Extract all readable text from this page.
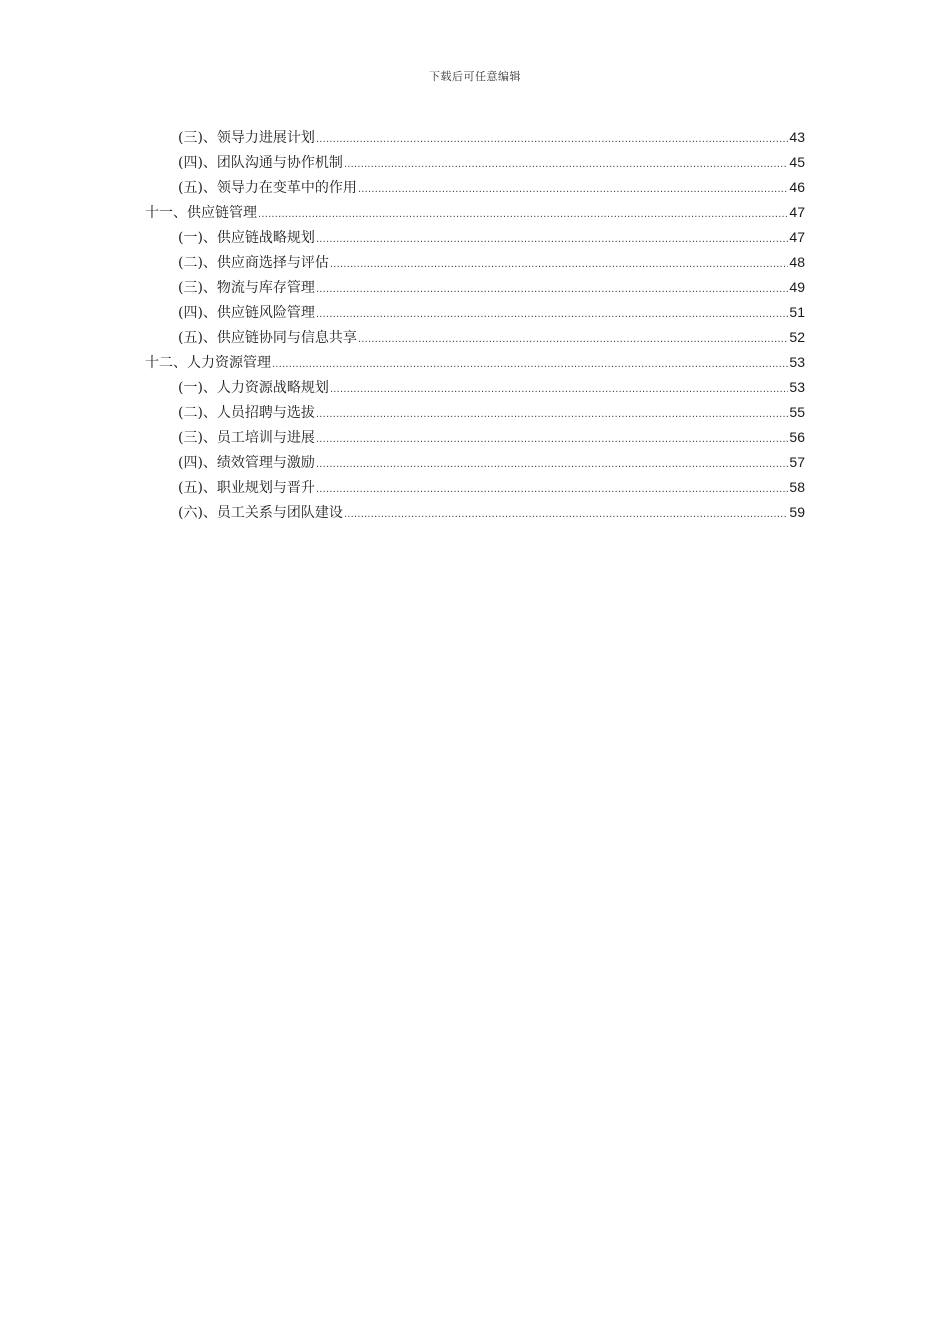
下载后可任意编辑
(三)、领导力进展计划 .....	43
(四)、团队沟通与协作机制 .....	45
(五)、领导力在变革中的作用 .....	46
十一、供应链管理 .....	47
(一)、供应链战略规划 .....	47
(二)、供应商选择与评估 .....	48
(三)、物流与库存管理 .....	49
(四)、供应链风险管理 .....	51
(五)、供应链协同与信息共享 .....	52
十二、人力资源管理 .....	53
(一)、人力资源战略规划 .....	53
(二)、人员招聘与选拔 .....	55
(三)、员工培训与进展 .....	56
(四)、绩效管理与激励 .....	57
(五)、职业规划与晋升 .....	58
(六)、员工关系与团队建设 .....	59
